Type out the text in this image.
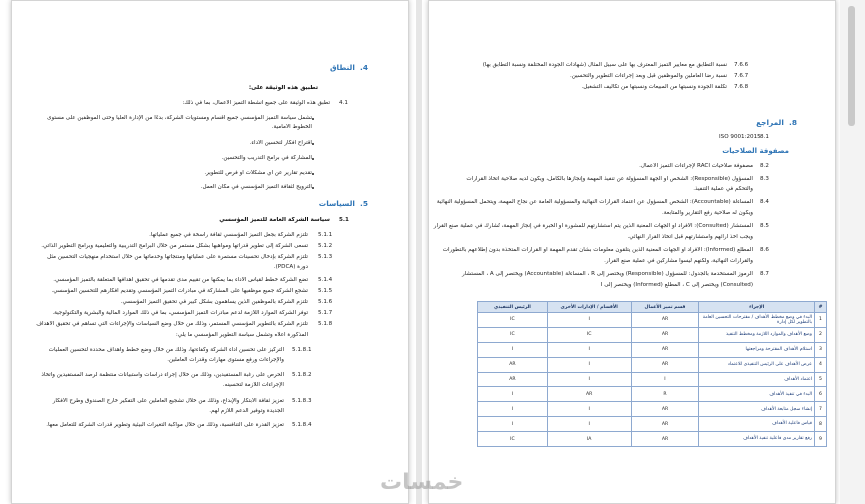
4.  النطاق
تطبيق هذه الوثيقة على:
4.1
تطبق هذه الوثيقة على جميع أنشطة التميز الأعمال، بما في ذلك:
تشمل سياسة التميز المؤسسي جميع أقسام ومستويات الشركة، بدءًا من الإدارة العليا وحتى الموظفين على مستوى
الخطوط الأمامية.
اقتراح أفكار لتحسين الأداء.
المشاركة في برامج التدريب والتحسين.
تقديم تقارير عن أي مشكلات أو فرص للتطوير.
الترويج لثقافة التميز المؤسسي في مكان العمل.
5.  السياسات
5.1
سياسة الشركة العامة للتميز المؤسسي
5.1.1
تلتزم الشركة بجعل التميز المؤسسي ثقافة راسخة في جميع عملياتها.
5.1.2
تسعى الشركة إلى تطوير قدراتها ومواهبها بشكل مستمر من خلال البرامج التدريبية والتعليمية وبرامج التطوير الذاتي.
5.1.3
تلتزم الشركة بإدخال تحسينات مستمرة على عملياتها ومنتجاتها وخدماتها من خلال استخدام منهجيات التحسين مثل
دورة (PDCA).
5.1.4
تضع الشركة خطط لقياس الأداء بما يمكّنها من تقييم مدى تقدمها في تحقيق أهدافها المتعلقة بالتميز المؤسسي.
5.1.5
تشجع الشركة جميع موظفيها على المشاركة في مبادرات التميز المؤسسي وتقديم أفكارهم للتحسين المؤسسي.
5.1.6
تلتزم الشركة بالموظفين الذين يساهمون بشكل كبير في تحقيق التميز المؤسسي.
5.1.7
توفر الشركة الموارد اللازمة لدعم مبادرات التميز المؤسسي، بما في ذلك الموارد المالية والبشرية والتكنولوجية.
5.1.8
تلتزم الشركة بالتطوير المؤسسي المستمر، وذلك من خلال وضع السياسات والإجراءات التي تساهم في تحقيق الأهداف
المذكورة أعلاه وتشمل سياسة التطوير المؤسسي ما يلي:
5.1.8.1
التركيز على تحسين أداء الشركة وكفاءتها، وذلك من خلال وضع خطط وأهداف محددة لتحسين العمليات
والإجراءات ورفع مستوى مهارات وقدرات العاملين.
5.1.8.2
الحرص على رغبة المستفيدين، وذلك من خلال إجراء دراسات واستبيانات منتظمة لرصد المستفيدين واتخاذ
الإجراءات اللازمة لتحسينه.
5.1.8.3
تعزيز ثقافة الابتكار والإبداع، وذلك من خلال تشجيع العاملين على التفكير خارج الصندوق وطرح الأفكار
الجديدة وتوفير الدعم اللازم لهم.
5.1.8.4
تعزيز القدرة على التنافسية، وذلك من خلال مواكبة التغيرات البيئية وتطوير قدرات الشركة للتعامل معها.
7.6.6
نسبة التطابق مع معايير التميز المعترف بها على سبيل المثال (شهادات الجودة المختلفة ونسبة التطابق بها)
7.6.7
نسبة رضا العاملين والموظفين قبل وبعد إجراءات التطوير والتحسين.
7.6.8
تكلفة الجودة ونسبتها من المبيعات ونسبتها من تكاليف التشغيل.
8.  المراجع
8.1
ISO 9001:2015
مصفوفة الصلاحيات
8.2
مصفوفة صلاحيات RACI لإجراءات التميز الأعمال.
8.3
المسؤول (Responsible): الشخص أو الجهة المسؤولة عن تنفيذ المهمة وإنجازها بالكامل، ويكون لديه صلاحية اتخاذ القرارات
والتحكم في عملية التنفيذ.
8.4
المساءلة (Accountable): الشخص المسؤول عن اعتماد القرارات النهائية والمسؤولية العامة عن نجاح المهمة، ويتحمل المسؤولية النهائية
ويكون له صلاحية رفع التقارير والمتابعة.
8.5
المستشار (Consulted): الأفراد أو الجهات المعنية الذين يتم استشارتهم للمشورة أو الخبرة في إنجاز المهمة، تُشارك في عملية صنع القرار
ويجب أخذ آرائهم واستشارتهم قبل اتخاذ القرار النهائي.
8.6
المطّلع (Informed): الأفراد أو الجهات المعنية الذين يتلقون معلومات بشأن تقدم المهمة أو القرارات المتخذة بدون إطلاعهم بالتطورات
والقرارات النهائية، ولكنهم ليسوا مشاركين في عملية صنع القرار.
8.7
الرموز المستخدمة بالجدول: للمسؤول (Responsible) ويختصر إلى R ، المساءلة (Accountable) ويختصر إلى A ، المستشار
(Consulted) ويختصر إلى C ، المطلع (Informed) ويختصر إلى I
#	الإجراء	قسم تميز الأعمال	الأقسام / الإدارات الأخرى	الرئيس التنفيذي
1	البدء في وضع مخطط الأهداف / مقترحات التحسين العامة بالتطوير لكل إدارة	AR	I	IC
2	وضع الأهداف والموارد اللازمة ومخطط التنفيذ	AR	IC	IC
3	استلام الأهداف المقترحة ومراجعتها	AR	I	I
4	عرض الأهداف على الرئيس التنفيذي للاعتماد	AR	I	AR
5	اعتماد الأهداف	I	I	AR
6	البدء في تنفيذ الأهداف	R	AR	I
7	إنشاء سجل متابعة الأهداف	AR	I	I
8	قياس فاعلية الأهداف	AR	I	I
9	رفع تقارير مدى فاعلية تنفيذ الأهداف	AR	IA	IC
خمسات
